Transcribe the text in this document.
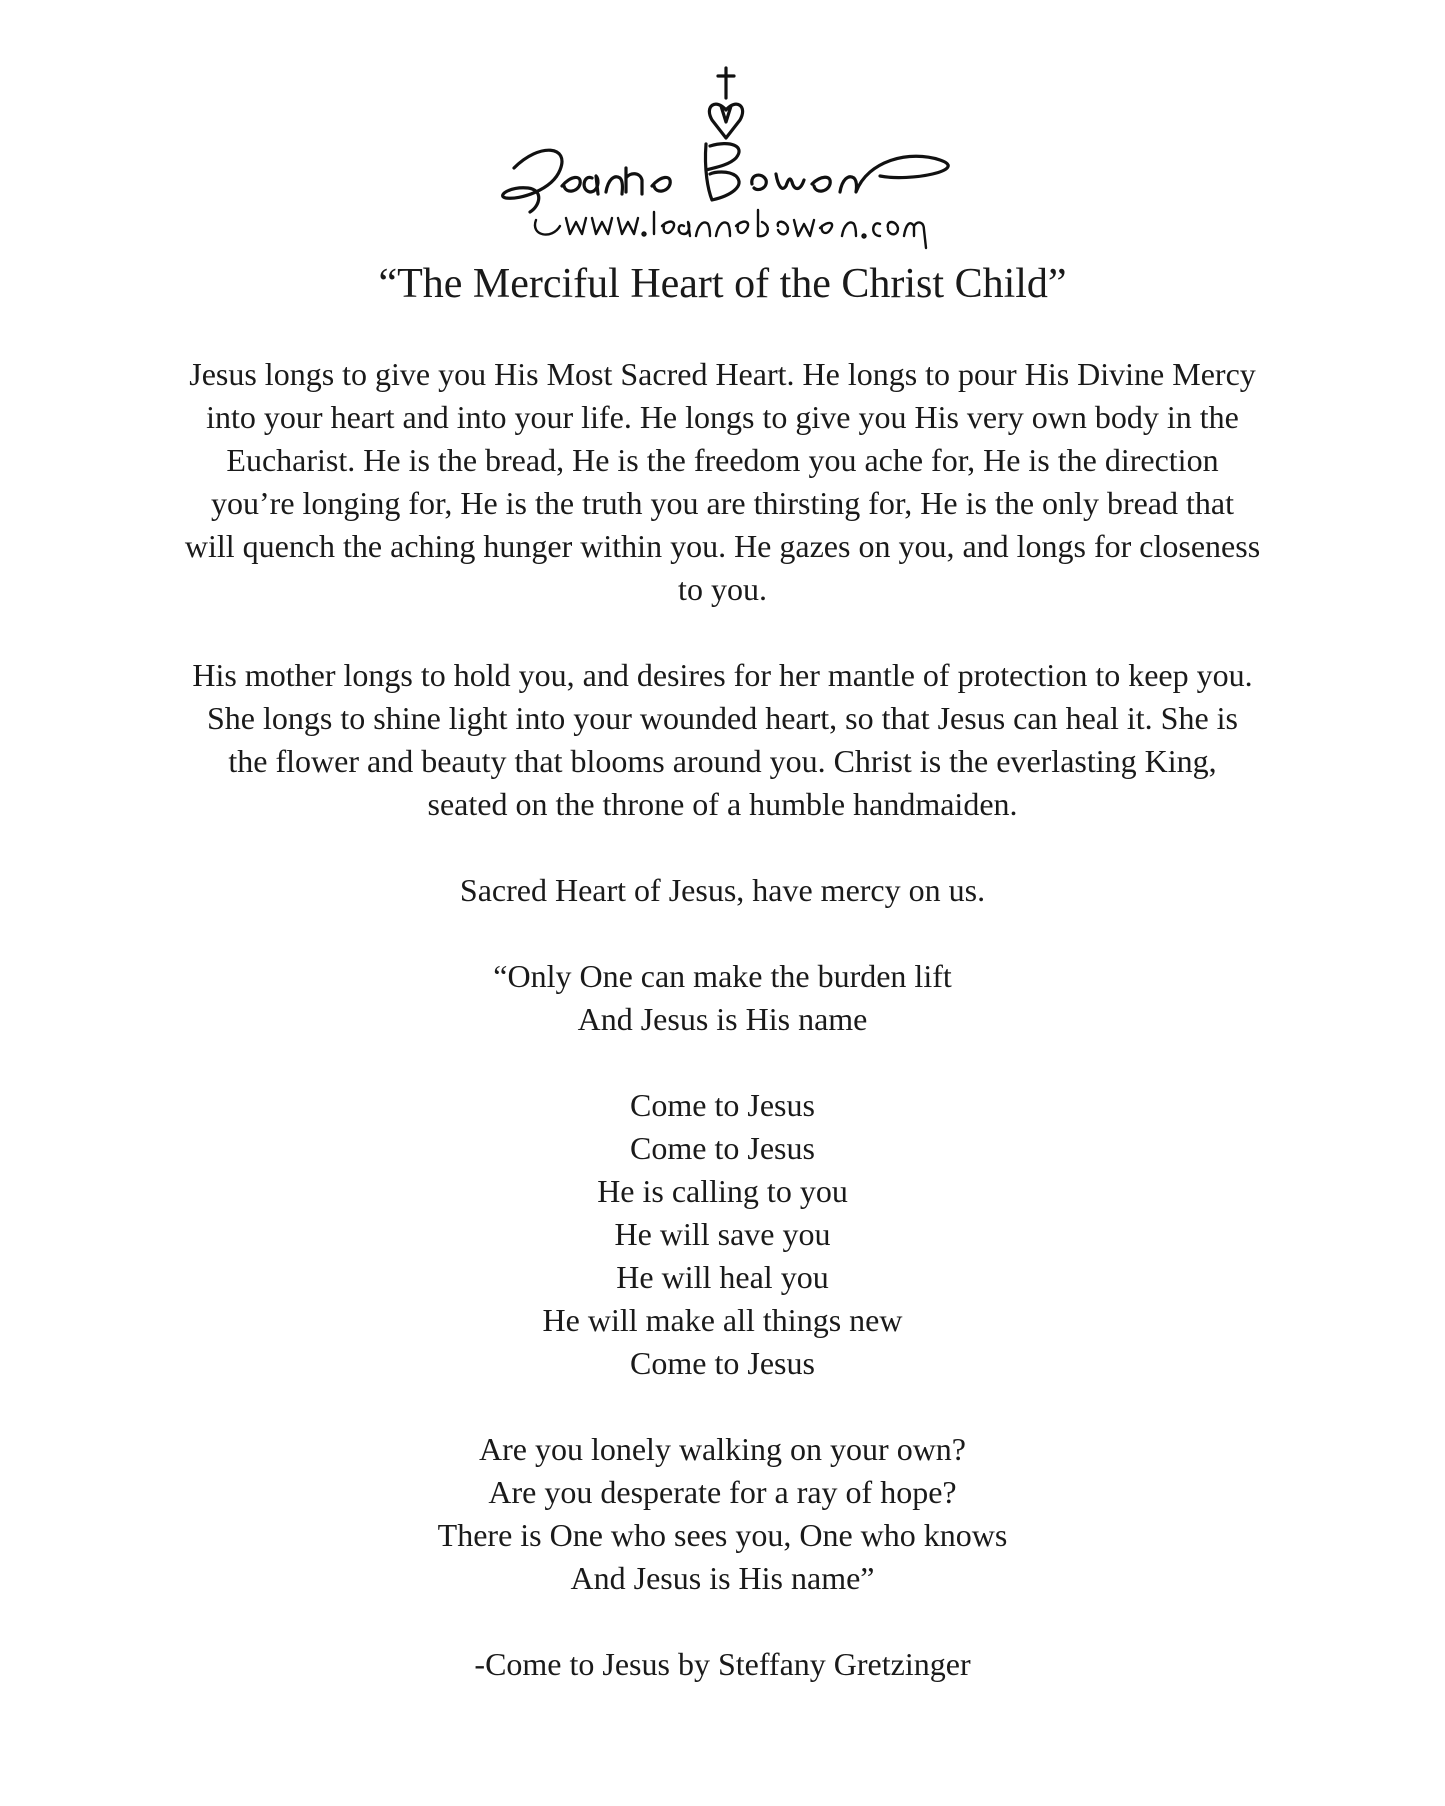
“The Merciful Heart of the Christ Child”
Jesus longs to give you His Most Sacred Heart. He longs to pour His Divine Mercy
into your heart and into your life. He longs to give you His very own body in the
Eucharist. He is the bread, He is the freedom you ache for, He is the direction
you’re longing for, He is the truth you are thirsting for, He is the only bread that
will quench the aching hunger within you. He gazes on you, and longs for closeness
to you.
His mother longs to hold you, and desires for her mantle of protection to keep you.
She longs to shine light into your wounded heart, so that Jesus can heal it. She is
the flower and beauty that blooms around you. Christ is the everlasting King,
seated on the throne of a humble handmaiden.
Sacred Heart of Jesus, have mercy on us.
“Only One can make the burden lift
And Jesus is His name
Come to Jesus
Come to Jesus
He is calling to you
He will save you
He will heal you
He will make all things new
Come to Jesus
Are you lonely walking on your own?
Are you desperate for a ray of hope?
There is One who sees you, One who knows
And Jesus is His name”
-Come to Jesus by Steffany Gretzinger
